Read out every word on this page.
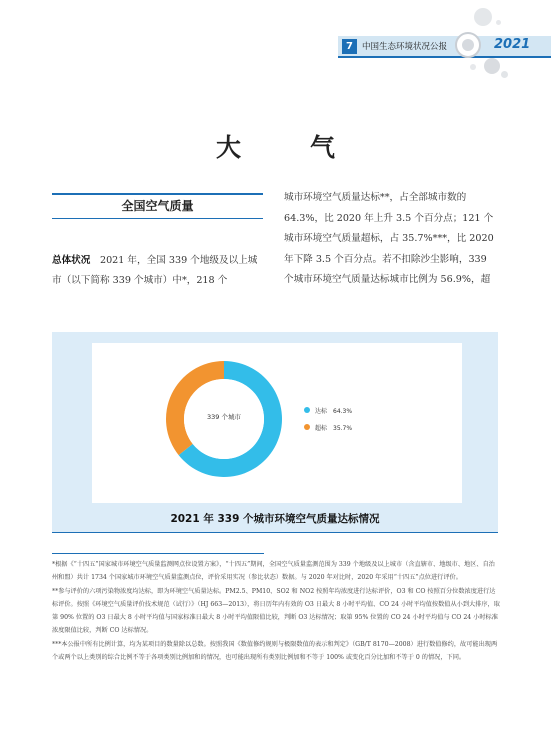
7	中国生态环境状况公报	2021
大　气
全国空气质量
总体状况　2021 年，全国 339 个地级及以上城市（以下简称 339 个城市）中*，218 个
城市环境空气质量达标**，占全部城市数的 64.3%，比 2020 年上升 3.5 个百分点；121 个城市环境空气质量超标，占 35.7%***，比 2020 年下降 3.5 个百分点。若不扣除沙尘影响，339 个城市环境空气质量达标城市比例为 56.9%，超
339 个城市
达标　64.3%
超标　35.7%
2021 年 339 个城市环境空气质量达标情况

*根据《“十四五”国家城市环境空气质量监测网点位设置方案》，“十四五”期间，全国空气质量监测范围为 339 个地级及以上城市（含直辖市、地级市、地区、自治州和盟）共计 1734 个国家城市环境空气质量监测点位，评价采用实况（参比状态）数据。与 2020 年对比时，2020 年采用“十四五”点位进行评价。

**参与评价的六项污染物浓度均达标，即为环境空气质量达标。PM2.5、PM10、SO2 和 NO2 按照年均浓度进行达标评价，O3 和 CO 按照百分位数浓度进行达标评价。按照《环境空气质量评价技术规范（试行）》（HJ 663—2013），将日历年内有效的 O3 日最大 8 小时平均值、CO 24 小时平均值按数值从小到大排序，取第 90% 位置的 O3 日最大 8 小时平均值与国家标准日最大 8 小时平均值限值比较，判断 O3 达标情况；取第 95% 位置的 CO 24 小时平均值与 CO 24 小时标准浓度限值比较，判断 CO 达标情况。

***本公报中所有比例计算，均为某项目的数量除以总数。按照我国《数值修约规则与极限数值的表示和判定》（GB/T 8170—2008）进行数值修约，故可能出现两个或两个以上类别的综合比例不等于各项类别比例加和的情况，也可能出现所有类别比例加和不等于 100% 或变化百分比加和不等于 0 的情况，下同。
